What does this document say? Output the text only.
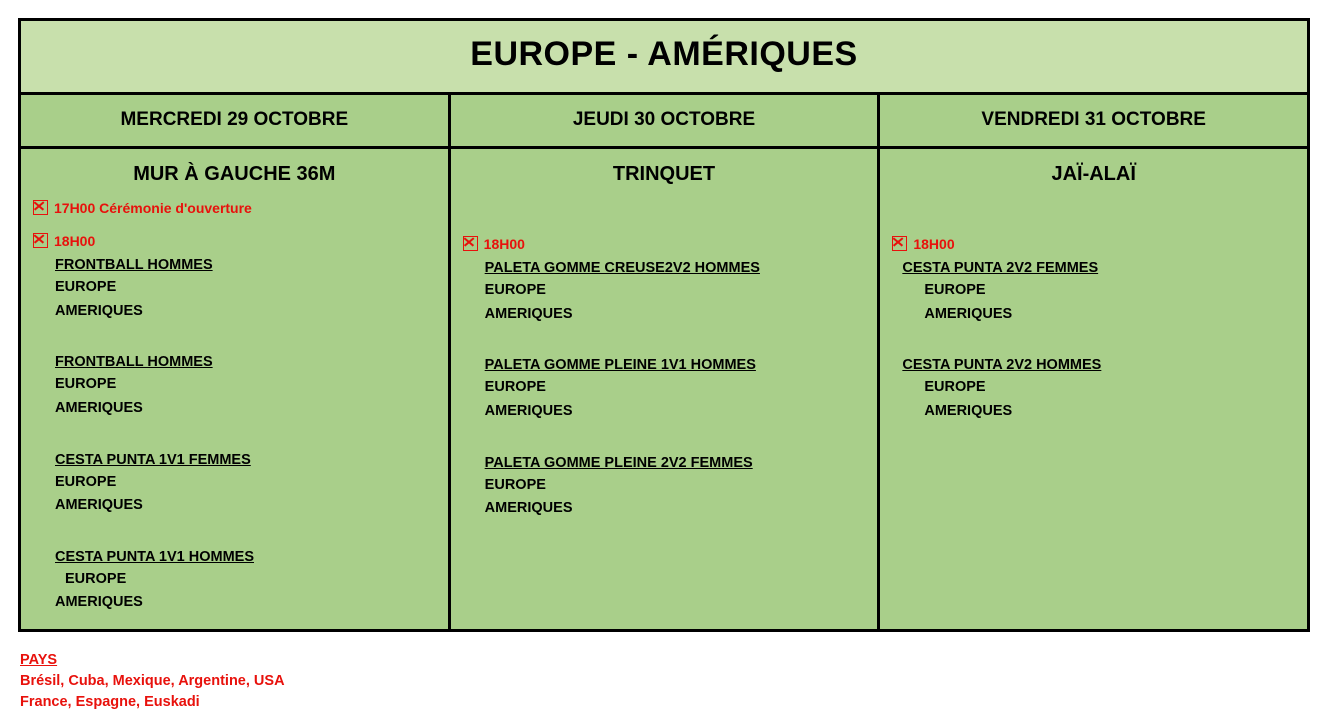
EUROPE - AMÉRIQUES
MERCREDI 29 OCTOBRE	JEUDI 30 OCTOBRE	VENDREDI 31 OCTOBRE
MUR À GAUCHE 36M
17H00 Cérémonie d'ouverture
18H00
FRONTBALL HOMMES
EUROPE
AMERIQUES
FRONTBALL HOMMES
EUROPE
AMERIQUES
CESTA PUNTA 1V1 FEMMES
EUROPE
AMERIQUES
CESTA PUNTA 1V1 HOMMES
EUROPE
AMERIQUES
TRINQUET
18H00
PALETA GOMME CREUSE2V2 HOMMES
EUROPE
AMERIQUES
PALETA GOMME PLEINE 1V1 HOMMES
EUROPE
AMERIQUES
PALETA GOMME PLEINE 2V2 FEMMES
EUROPE
AMERIQUES
JAÏ-ALAÏ
18H00
CESTA PUNTA 2V2 FEMMES
EUROPE
AMERIQUES
CESTA PUNTA 2V2 HOMMES
EUROPE
AMERIQUES
PAYS
Brésil, Cuba, Mexique, Argentine, USA
France, Espagne, Euskadi
